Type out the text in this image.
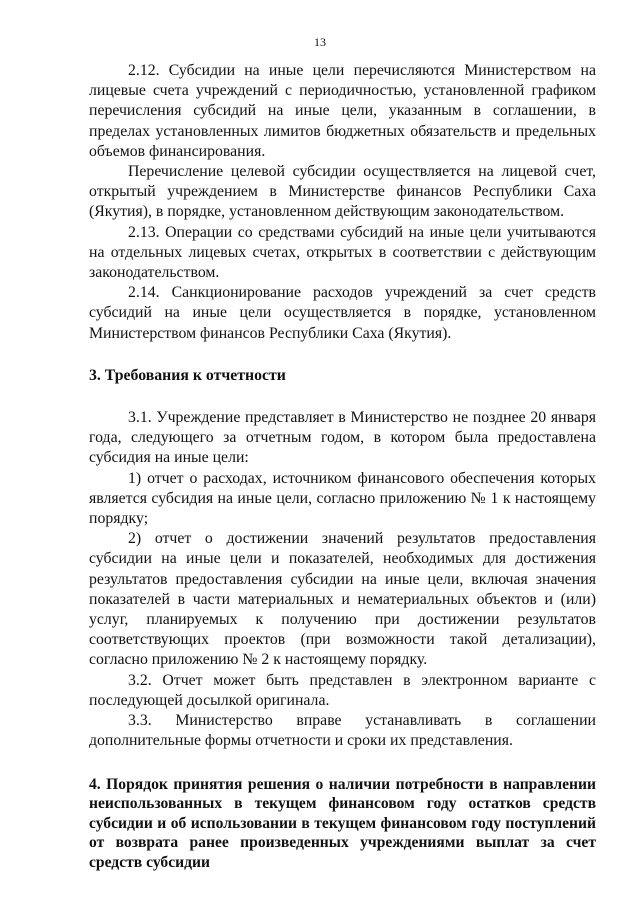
13

2.12. Субсидии на иные цели перечисляются Министерством на лицевые счета учреждений с периодичностью, установленной графиком перечисления субсидий на иные цели, указанным в соглашении, в пределах установленных лимитов бюджетных обязательств и предельных объемов финансирования.

Перечисление целевой субсидии осуществляется на лицевой счет, открытый учреждением в Министерстве финансов Республики Саха (Якутия), в порядке, установленном действующим законодательством.

2.13. Операции со средствами субсидий на иные цели учитываются на отдельных лицевых счетах, открытых в соответствии с действующим законодательством.

2.14. Санкционирование расходов учреждений за счет средств субсидий на иные цели осуществляется в порядке, установленном Министерством финансов Республики Саха (Якутия).

3. Требования к отчетности

3.1. Учреждение представляет в Министерство не позднее 20 января года, следующего за отчетным годом, в котором была предоставлена субсидия на иные цели:

1) отчет о расходах, источником финансового обеспечения которых является субсидия на иные цели, согласно приложению № 1 к настоящему порядку;

2) отчет о достижении значений результатов предоставления субсидии на иные цели и показателей, необходимых для достижения результатов предоставления субсидии на иные цели, включая значения показателей в части материальных и нематериальных объектов и (или) услуг, планируемых к получению при достижении результатов соответствующих проектов (при возможности такой детализации), согласно приложению № 2 к настоящему порядку.

3.2. Отчет может быть представлен в электронном варианте с последующей досылкой оригинала.

3.3. Министерство вправе устанавливать в соглашении дополнительные формы отчетности и сроки их представления.

4. Порядок принятия решения о наличии потребности в направлении неиспользованных в текущем финансовом году остатков средств субсидии и об использовании в текущем финансовом году поступлений от возврата ранее произведенных учреждениями выплат за счет средств субсидии
